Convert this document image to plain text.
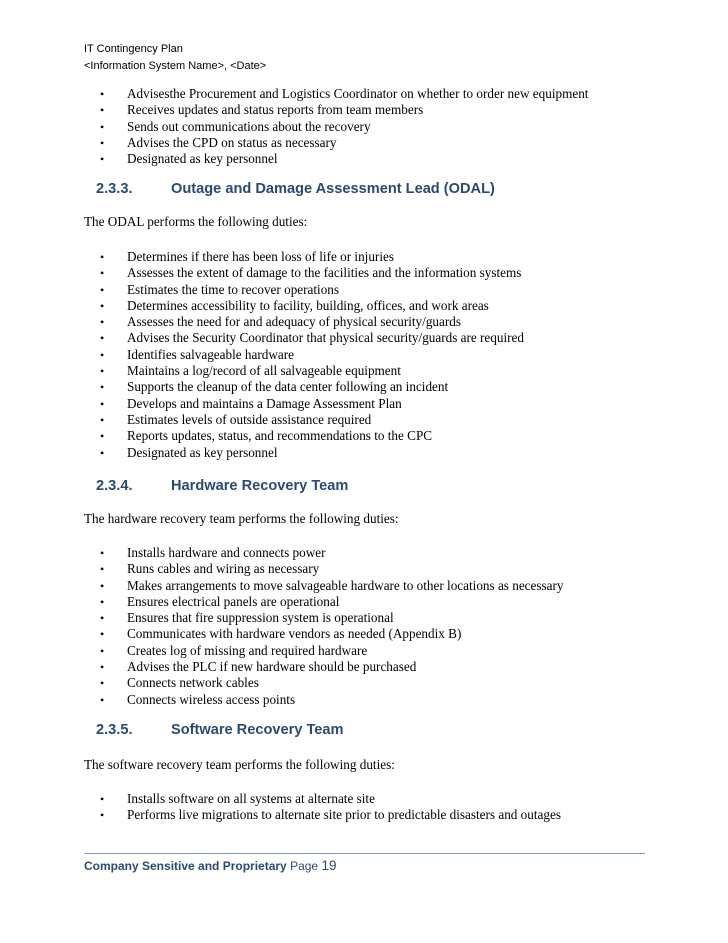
IT Contingency Plan
<Information System Name>, <Date>
•	Advisesthe Procurement and Logistics Coordinator on whether to order new equipment
•	Receives updates and status reports from team members
•	Sends out communications about the recovery
•	Advises the CPD on status as necessary
•	Designated as key personnel
2.3.3.	Outage and Damage Assessment Lead (ODAL)
The ODAL performs the following duties:
•	Determines if there has been loss of life or injuries
•	Assesses the extent of damage to the facilities and the information systems
•	Estimates the time to recover operations
•	Determines accessibility to facility, building, offices, and work areas
•	Assesses the need for and adequacy of physical security/guards
•	Advises the Security Coordinator that physical security/guards are required
•	Identifies salvageable hardware
•	Maintains a log/record of all salvageable equipment
•	Supports the cleanup of the data center following an incident
•	Develops and maintains a Damage Assessment Plan
•	Estimates levels of outside assistance required
•	Reports updates, status, and recommendations to the CPC
•	Designated as key personnel
2.3.4.	Hardware Recovery Team
The hardware recovery team performs the following duties:
•	Installs hardware and connects power
•	Runs cables and wiring as necessary
•	Makes arrangements to move salvageable hardware to other locations as necessary
•	Ensures electrical panels are operational
•	Ensures that fire suppression system is operational
•	Communicates with hardware vendors as needed (Appendix B)
•	Creates log of missing and required hardware
•	Advises the PLC if new hardware should be purchased
•	Connects network cables
•	Connects wireless access points
2.3.5.	Software Recovery Team
The software recovery team performs the following duties:
•	Installs software on all systems at alternate site
•	Performs live migrations to alternate site prior to predictable disasters and outages
Company Sensitive and Proprietary Page 19
